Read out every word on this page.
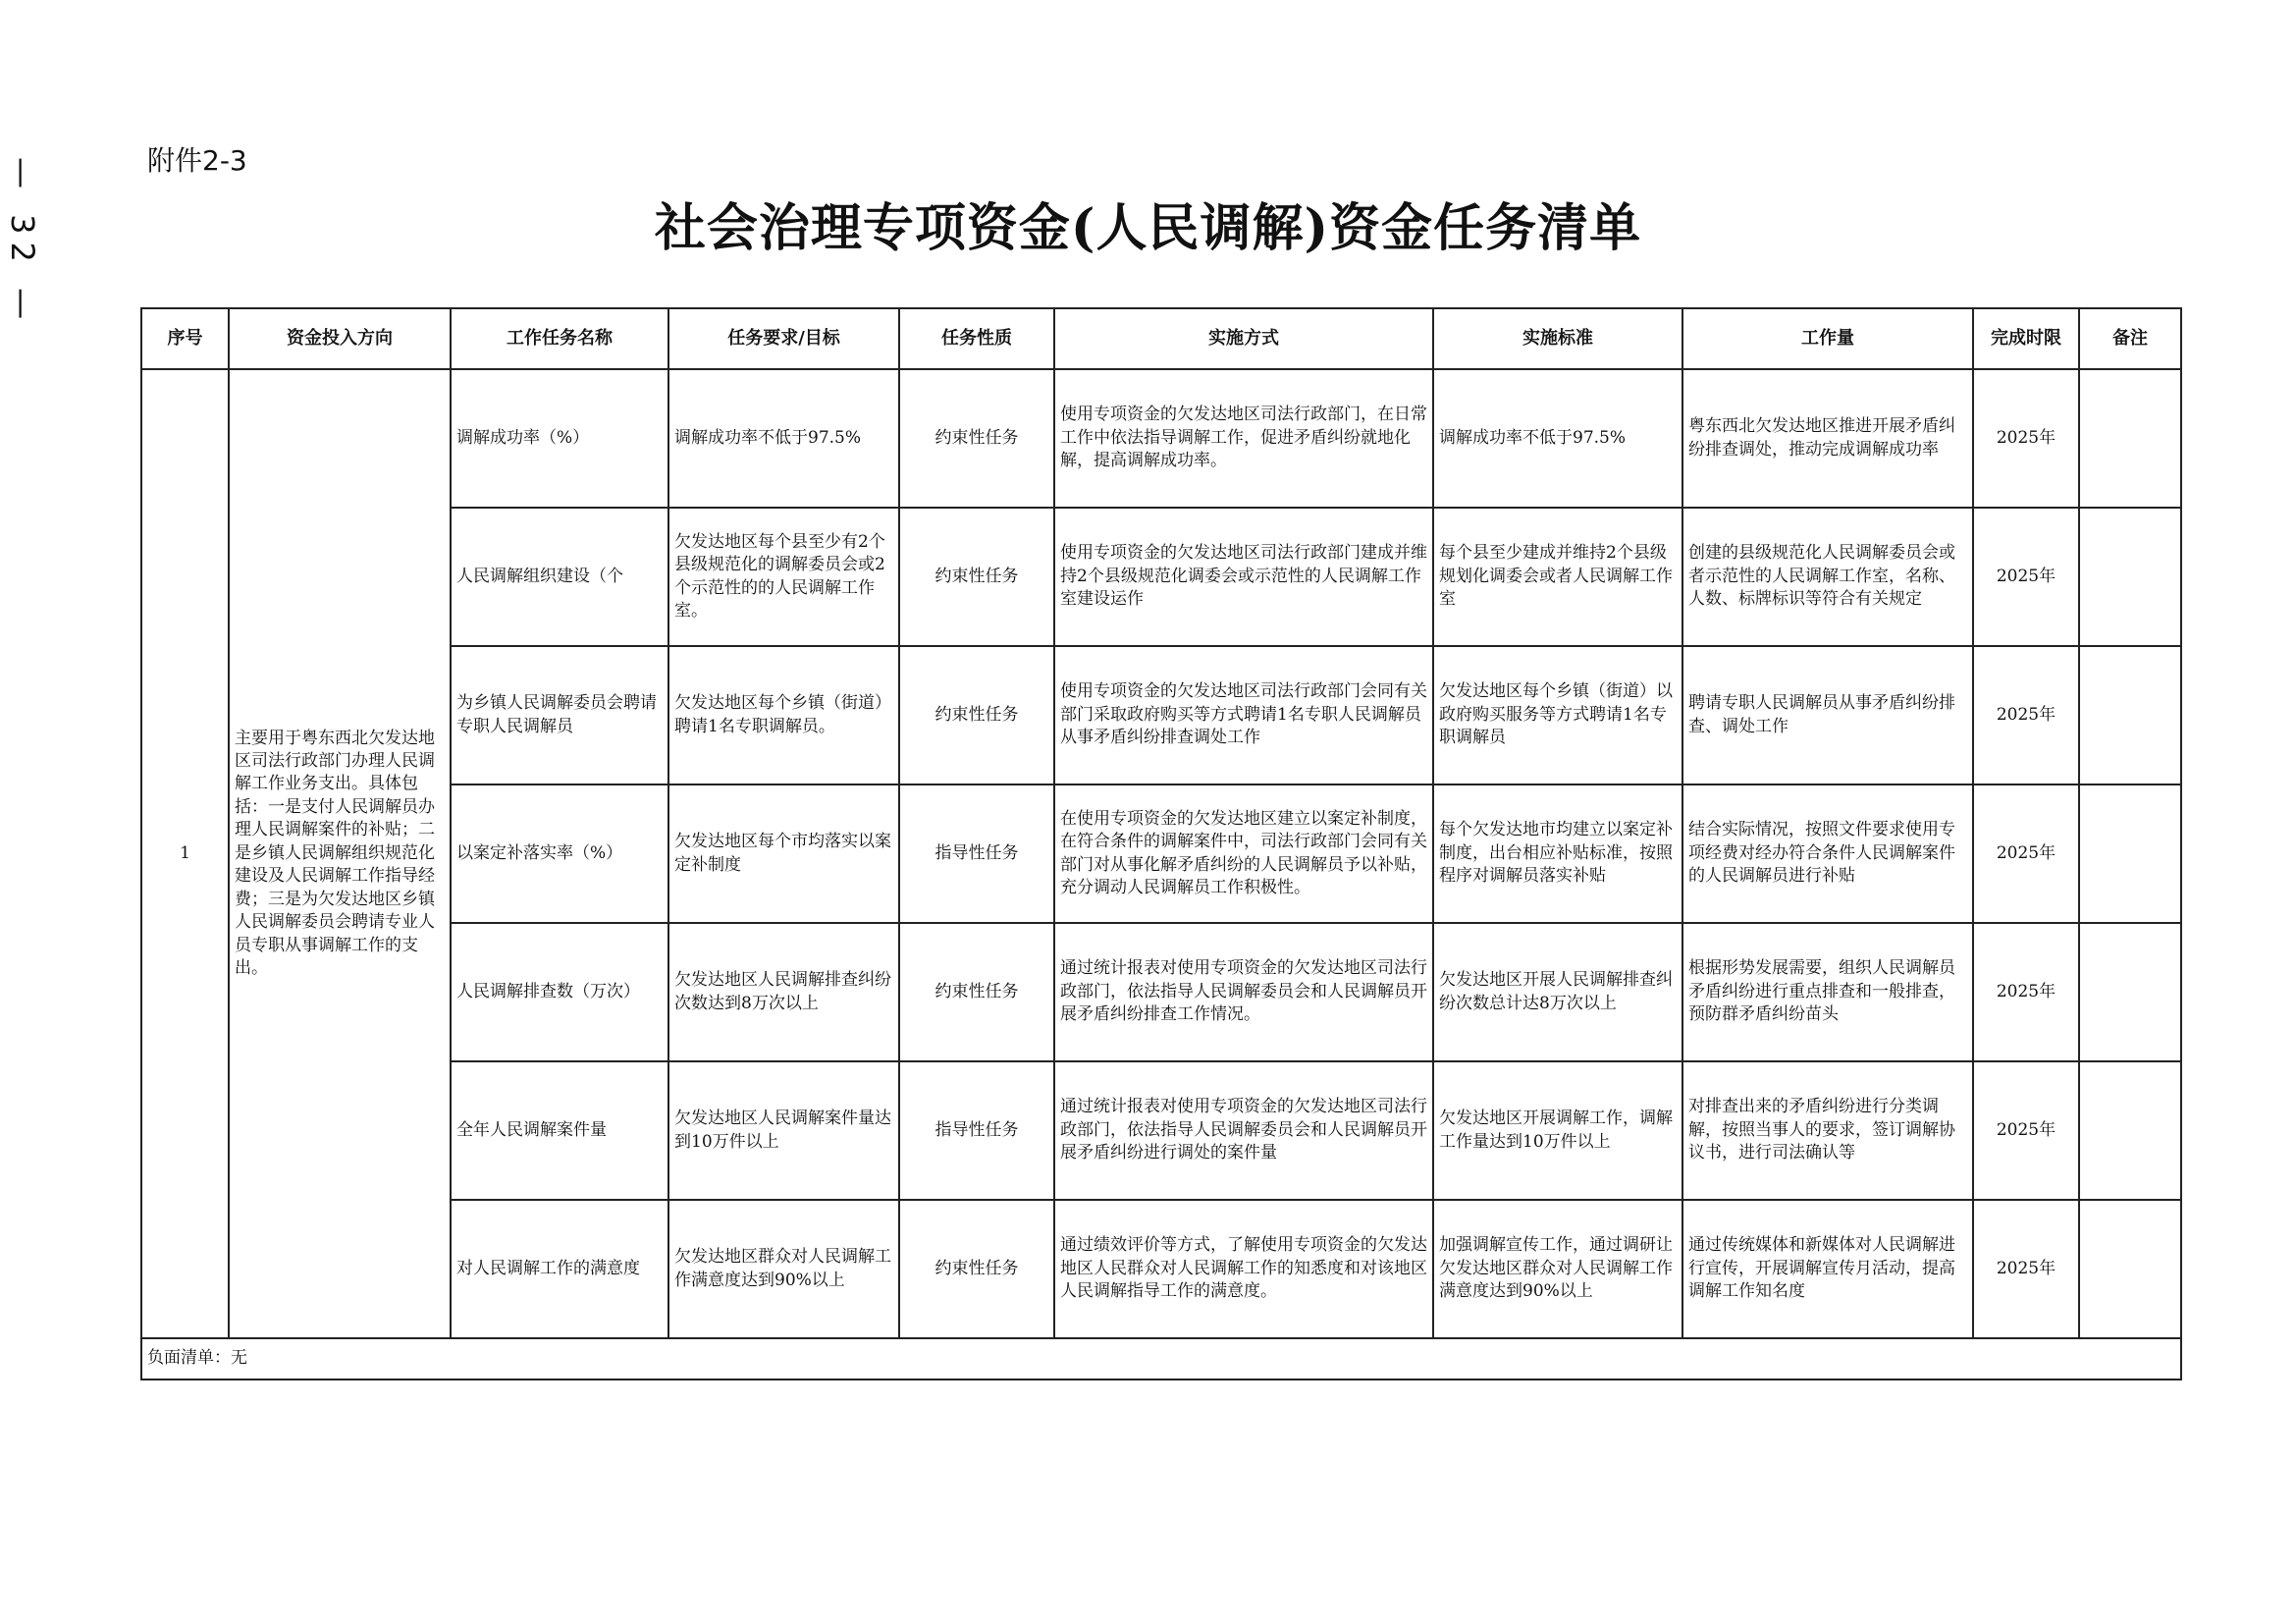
— 32 —	附件2-3
社会治理专项资金(人民调解)资金任务清单
序号	资金投入方向	工作任务名称	任务要求/目标	任务性质	实施方式	实施标准	工作量	完成时限	备注
1	主要用于粤东西北欠发达地区司法行政部门办理人民调解工作业务支出。具体包括：一是支付人民调解员办理人民调解案件的补贴；二是乡镇人民调解组织规范化建设及人民调解工作指导经费；三是为欠发达地区乡镇人民调解委员会聘请专业人员专职从事调解工作的支出。	调解成功率（%）	调解成功率不低于97.5%	约束性任务	使用专项资金的欠发达地区司法行政部门，在日常工作中依法指导调解工作，促进矛盾纠纷就地化解，提高调解成功率。	调解成功率不低于97.5%	粤东西北欠发达地区推进开展矛盾纠纷排查调处，推动完成调解成功率	2025年	
		人民调解组织建设（个	欠发达地区每个县至少有2个县级规范化的调解委员会或2个示范性的的人民调解工作室。	约束性任务	使用专项资金的欠发达地区司法行政部门建成并维持2个县级规范化调委会或示范性的人民调解工作室建设运作	每个县至少建成并维持2个县级规划化调委会或者人民调解工作室	创建的县级规范化人民调解委员会或者示范性的人民调解工作室，名称、人数、标牌标识等符合有关规定	2025年	
		为乡镇人民调解委员会聘请专职人民调解员	欠发达地区每个乡镇（街道）聘请1名专职调解员。	约束性任务	使用专项资金的欠发达地区司法行政部门会同有关部门采取政府购买等方式聘请1名专职人民调解员从事矛盾纠纷排查调处工作	欠发达地区每个乡镇（街道）以政府购买服务等方式聘请1名专职调解员	聘请专职人民调解员从事矛盾纠纷排查、调处工作	2025年	
		以案定补落实率（%）	欠发达地区每个市均落实以案定补制度	指导性任务	在使用专项资金的欠发达地区建立以案定补制度，在符合条件的调解案件中，司法行政部门会同有关部门对从事化解矛盾纠纷的人民调解员予以补贴，充分调动人民调解员工作积极性。	每个欠发达地市均建立以案定补制度，出台相应补贴标准，按照程序对调解员落实补贴	结合实际情况，按照文件要求使用专项经费对经办符合条件人民调解案件的人民调解员进行补贴	2025年	
		人民调解排查数（万次）	欠发达地区人民调解排查纠纷次数达到8万次以上	约束性任务	通过统计报表对使用专项资金的欠发达地区司法行政部门，依法指导人民调解委员会和人民调解员开展矛盾纠纷排查工作情况。	欠发达地区开展人民调解排查纠纷次数总计达8万次以上	根据形势发展需要，组织人民调解员矛盾纠纷进行重点排查和一般排查，预防群矛盾纠纷苗头	2025年	
		全年人民调解案件量	欠发达地区人民调解案件量达到10万件以上	指导性任务	通过统计报表对使用专项资金的欠发达地区司法行政部门，依法指导人民调解委员会和人民调解员开展矛盾纠纷进行调处的案件量	欠发达地区开展调解工作，调解工作量达到10万件以上	对排查出来的矛盾纠纷进行分类调解，按照当事人的要求，签订调解协议书，进行司法确认等	2025年	
		对人民调解工作的满意度	欠发达地区群众对人民调解工作满意度达到90%以上	约束性任务	通过绩效评价等方式，了解使用专项资金的欠发达地区人民群众对人民调解工作的知悉度和对该地区人民调解指导工作的满意度。	加强调解宣传工作，通过调研让欠发达地区群众对人民调解工作满意度达到90%以上	通过传统媒体和新媒体对人民调解进行宣传，开展调解宣传月活动，提高调解工作知名度	2025年	
负面清单：无									
